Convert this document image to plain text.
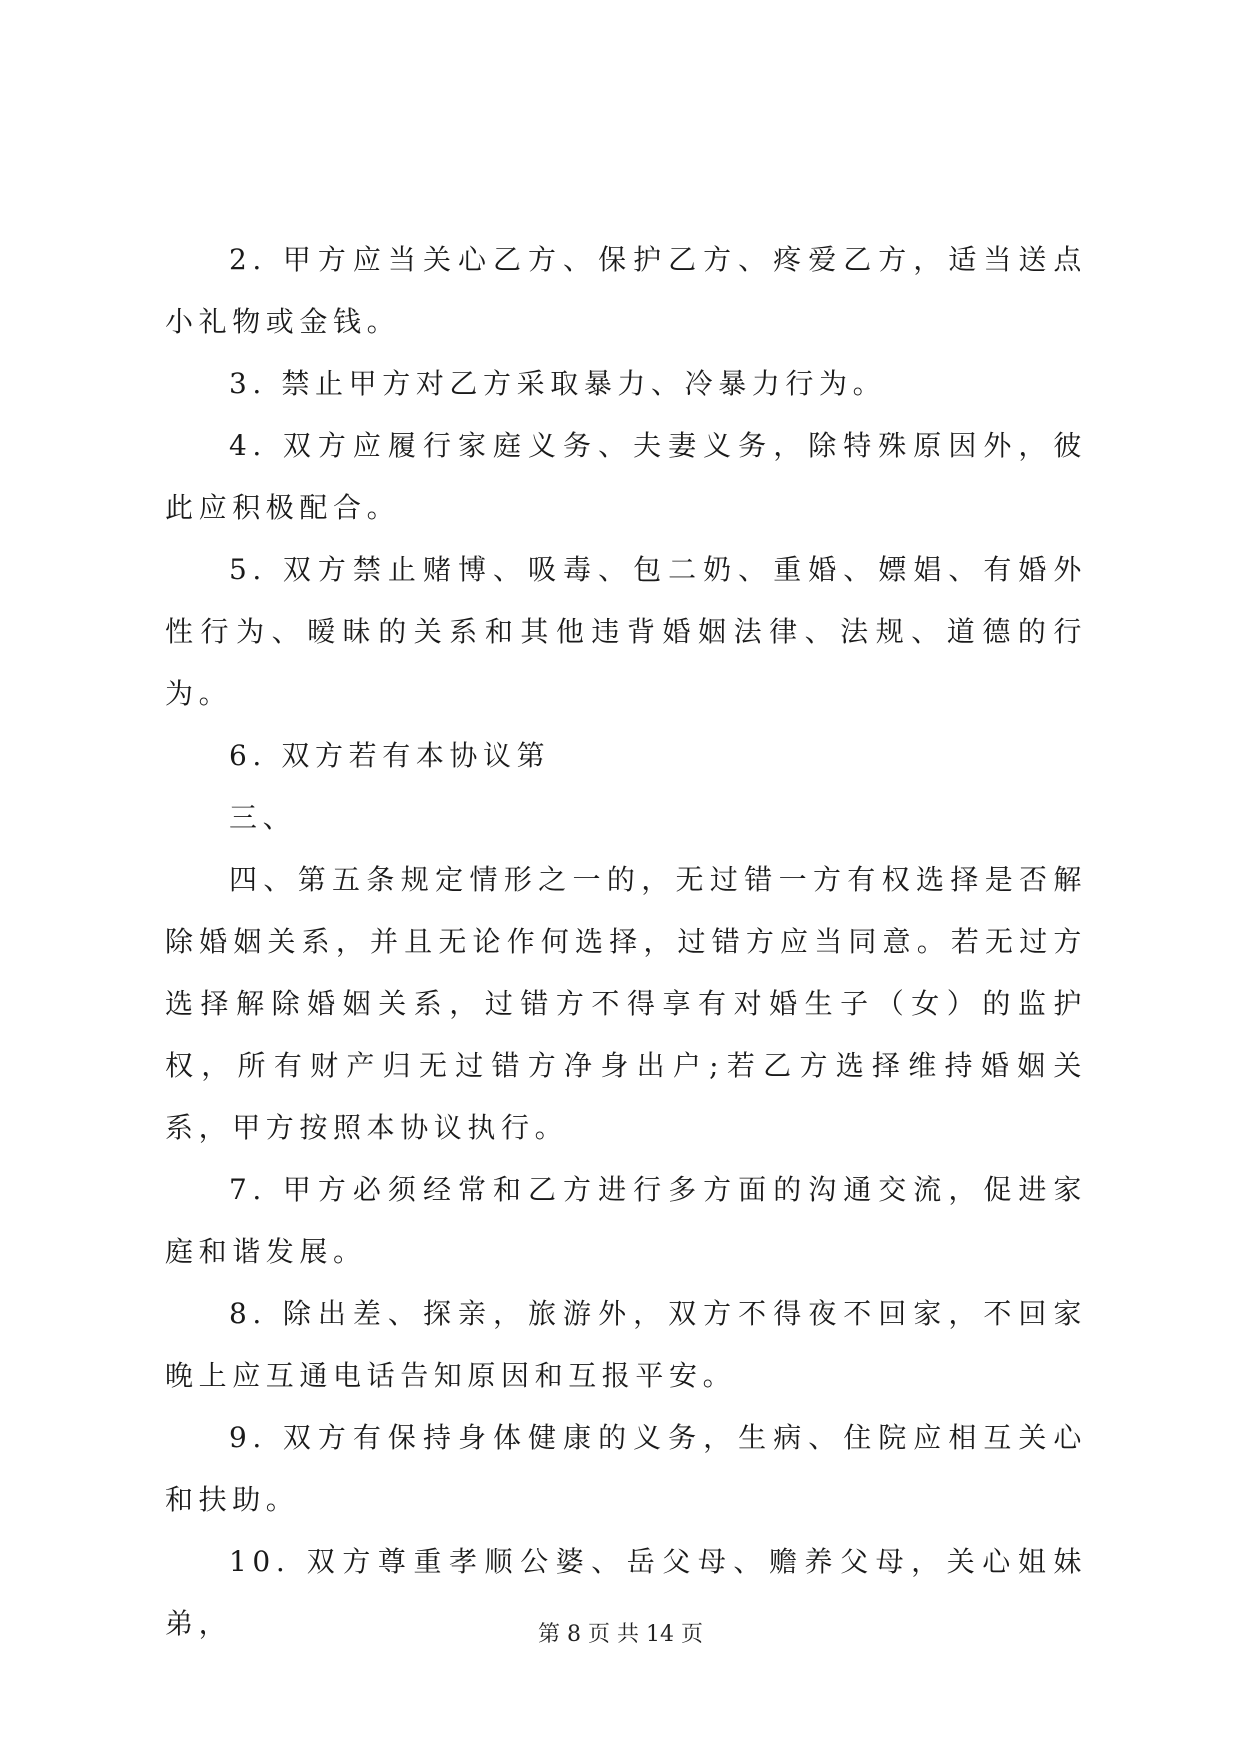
2. 甲方应当关心乙方、保护乙方、疼爱乙方，适当送点小礼物或金钱。

3. 禁止甲方对乙方采取暴力、冷暴力行为。

4. 双方应履行家庭义务、夫妻义务，除特殊原因外，彼此应积极配合。

5. 双方禁止赌博、吸毒、包二奶、重婚、嫖娼、有婚外性行为、暧昧的关系和其他违背婚姻法律、法规、道德的行为。

6. 双方若有本协议第

三、

四、第五条规定情形之一的，无过错一方有权选择是否解除婚姻关系，并且无论作何选择，过错方应当同意。若无过方选择解除婚姻关系，过错方不得享有对婚生子（女）的监护权，所有财产归无过错方净身出户;若乙方选择维持婚姻关系，甲方按照本协议执行。

7. 甲方必须经常和乙方进行多方面的沟通交流，促进家庭和谐发展。

8. 除出差、探亲，旅游外，双方不得夜不回家，不回家晚上应互通电话告知原因和互报平安。

9. 双方有保持身体健康的义务，生病、住院应相互关心和扶助。

10. 双方尊重孝顺公婆、岳父母、赡养父母，关心姐妹弟，	第 8 页 共 14 页
